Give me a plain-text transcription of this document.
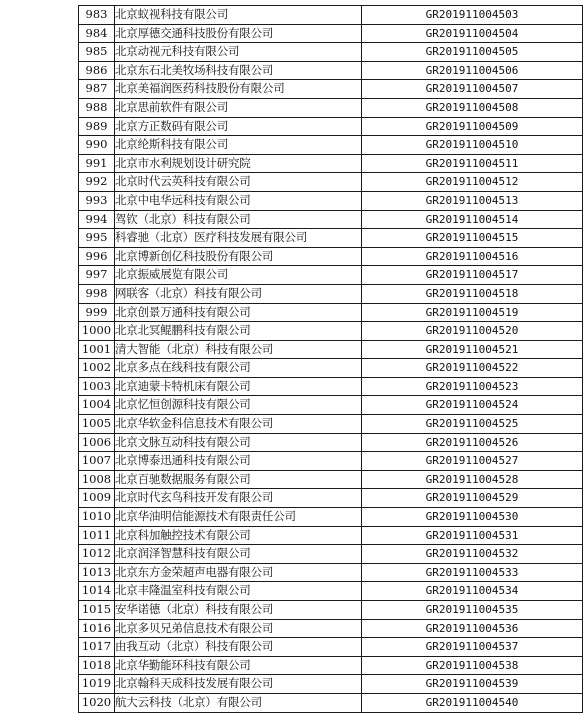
983	北京蚁视科技有限公司	GR201911004503
984	北京厚德交通科技股份有限公司	GR201911004504
985	北京动视元科技有限公司	GR201911004505
986	北京东石北美牧场科技有限公司	GR201911004506
987	北京美福润医药科技股份有限公司	GR201911004507
988	北京思前软件有限公司	GR201911004508
989	北京方正数码有限公司	GR201911004509
990	北京纶斯科技有限公司	GR201911004510
991	北京市水利规划设计研究院	GR201911004511
992	北京时代云英科技有限公司	GR201911004512
993	北京中电华远科技有限公司	GR201911004513
994	驾钦（北京）科技有限公司	GR201911004514
995	科睿驰（北京）医疗科技发展有限公司	GR201911004515
996	北京博新创亿科技股份有限公司	GR201911004516
997	北京振威展览有限公司	GR201911004517
998	网联客（北京）科技有限公司	GR201911004518
999	北京创景万通科技有限公司	GR201911004519
1000	北京北冥鲲鹏科技有限公司	GR201911004520
1001	清大智能（北京）科技有限公司	GR201911004521
1002	北京多点在线科技有限公司	GR201911004522
1003	北京迪蒙卡特机床有限公司	GR201911004523
1004	北京忆恒创源科技有限公司	GR201911004524
1005	北京华软金科信息技术有限公司	GR201911004525
1006	北京文脉互动科技有限公司	GR201911004526
1007	北京博泰迅通科技有限公司	GR201911004527
1008	北京百驰数据服务有限公司	GR201911004528
1009	北京时代玄鸟科技开发有限公司	GR201911004529
1010	北京华油明信能源技术有限责任公司	GR201911004530
1011	北京科加触控技术有限公司	GR201911004531
1012	北京润泽智慧科技有限公司	GR201911004532
1013	北京东方金荣超声电器有限公司	GR201911004533
1014	北京丰隆温室科技有限公司	GR201911004534
1015	安华诺德（北京）科技有限公司	GR201911004535
1016	北京多贝兄弟信息技术有限公司	GR201911004536
1017	由我互动（北京）科技有限公司	GR201911004537
1018	北京华勤能环科技有限公司	GR201911004538
1019	北京翰科天成科技发展有限公司	GR201911004539
1020	航大云科技（北京）有限公司	GR201911004540
